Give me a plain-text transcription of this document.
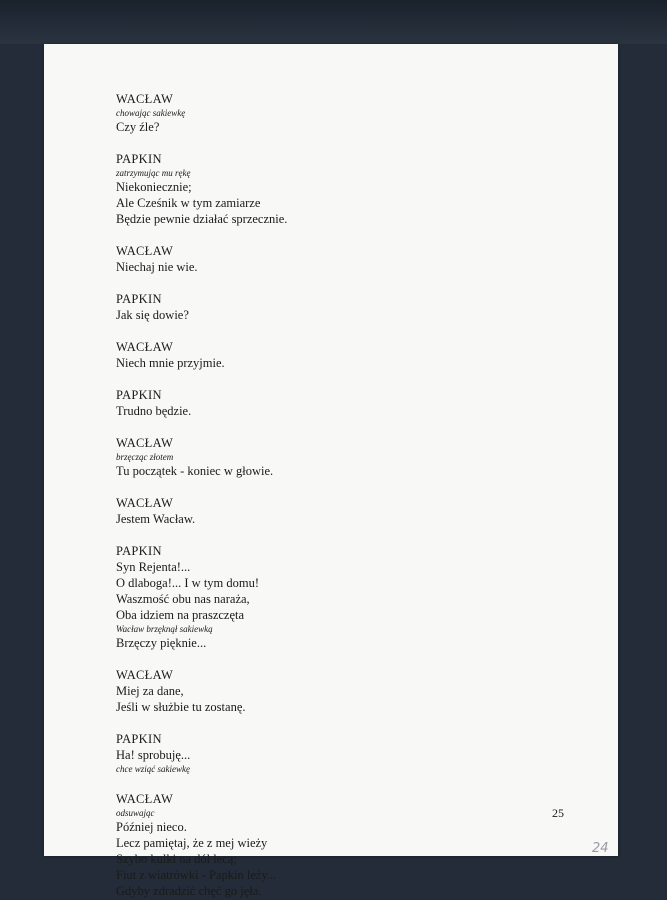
WACŁAW
chowając sakiewkę
Czy źle?
PAPKIN
zatrzymując mu rękę
Niekoniecznie;
Ale Cześnik w tym zamiarze
Będzie pewnie działać sprzecznie.
WACŁAW
Niechaj nie wie.
PAPKIN
Jak się dowie?
WACŁAW
Niech mnie przyjmie.
PAPKIN
Trudno będzie.
WACŁAW
brzęcząc złotem
Tu początek - koniec w głowie.
WACŁAW
Jestem Wacław.
PAPKIN
Syn Rejenta!...
O dlaboga!... I w tym domu!
Waszmość obu nas naraża,
Oba idziem na praszczęta
Wacław brzęknął sakiewką
Brzęczy pięknie...
WACŁAW
Miej za dane,
Jeśli w służbie tu zostanę.
PAPKIN
Ha! sprobuję...
chce wziąć sakiewkę
WACŁAW
odsuwając
Później nieco.
Lecz pamiętaj, że z mej wieży
Szybo kulki na dół lecą;
Fiut z wiatrówki - Papkin leży...
Gdyby zdradzić chęć go jęła.
25
24
